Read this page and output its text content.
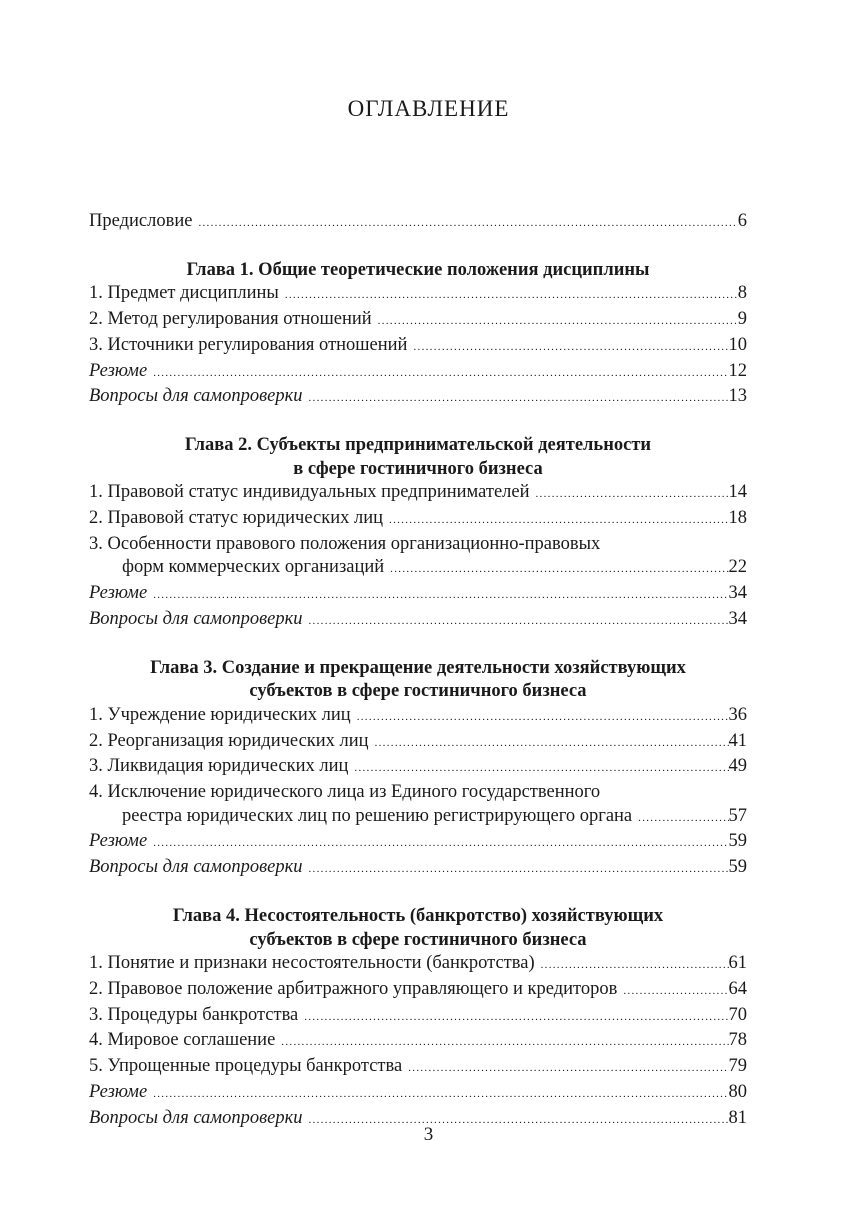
ОГЛАВЛЕНИЕ
Предисловие .....	6
Глава 1. Общие теоретические положения дисциплины
1. Предмет дисциплины .....	8
2. Метод регулирования отношений .....	9
3. Источники регулирования отношений .....	10
Резюме .....	12
Вопросы для самопроверки .....	13
Глава 2. Субъекты предпринимательской деятельности
в сфере гостиничного бизнеса
1. Правовой статус индивидуальных предпринимателей .....	14
2. Правовой статус юридических лиц .....	18
3. Особенности правового положения организационно-правовых
форм коммерческих организаций .....	22
Резюме .....	34
Вопросы для самопроверки .....	34
Глава 3. Создание и прекращение деятельности хозяйствующих
субъектов в сфере гостиничного бизнеса
1. Учреждение юридических лиц .....	36
2. Реорганизация юридических лиц .....	41
3. Ликвидация юридических лиц .....	49
4. Исключение юридического лица из Единого государственного
реестра юридических лиц по решению регистрирующего органа .....	57
Резюме .....	59
Вопросы для самопроверки .....	59
Глава 4. Несостоятельность (банкротство) хозяйствующих
субъектов в сфере гостиничного бизнеса
1. Понятие и признаки несостоятельности (банкротства) .....	61
2. Правовое положение арбитражного управляющего и кредиторов .....	64
3. Процедуры банкротства .....	70
4. Мировое соглашение .....	78
5. Упрощенные процедуры банкротства .....	79
Резюме .....	80
Вопросы для самопроверки .....	81
3
